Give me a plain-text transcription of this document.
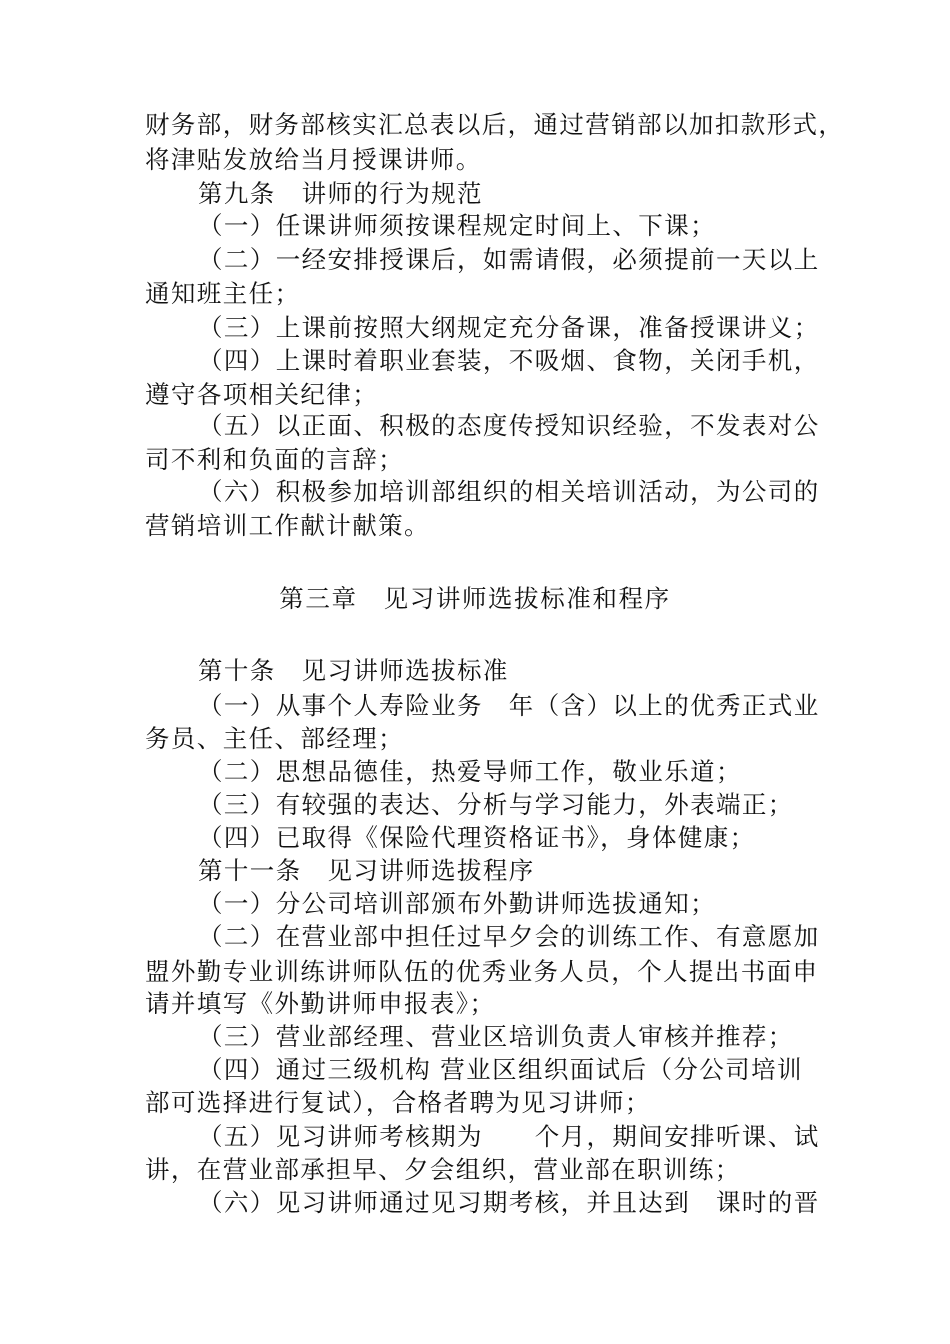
财务部，财务部核实汇总表以后，通过营销部以加扣款形式，
将津贴发放给当月授课讲师。
第九条　讲师的行为规范
（一）任课讲师须按课程规定时间上、下课；
（二）一经安排授课后，如需请假，必须提前一天以上
通知班主任；
（三）上课前按照大纲规定充分备课，准备授课讲义；
（四）上课时着职业套装，不吸烟、食物，关闭手机，
遵守各项相关纪律；
（五）以正面、积极的态度传授知识经验，不发表对公
司不利和负面的言辞；
（六）积极参加培训部组织的相关培训活动，为公司的
营销培训工作献计献策。
第三章　见习讲师选拔标准和程序
第十条　见习讲师选拔标准
（一）从事个人寿险业务　年（含）以上的优秀正式业
务员、主任、部经理；
（二）思想品德佳，热爱导师工作，敬业乐道；
（三）有较强的表达、分析与学习能力，外表端正；
（四）已取得《保险代理资格证书》，身体健康；
第十一条　见习讲师选拔程序
（一）分公司培训部颁布外勤讲师选拔通知；
（二）在营业部中担任过早夕会的训练工作、有意愿加
盟外勤专业训练讲师队伍的优秀业务人员，个人提出书面申
请并填写《外勤讲师申报表》；
（三）营业部经理、营业区培训负责人审核并推荐；
（四）通过三级机构 营业区组织面试后（分公司培训
部可选择进行复试），合格者聘为见习讲师；
（五）见习讲师考核期为　　个月，期间安排听课、试
讲，在营业部承担早、夕会组织，营业部在职训练；
（六）见习讲师通过见习期考核，并且达到　课时的晋
